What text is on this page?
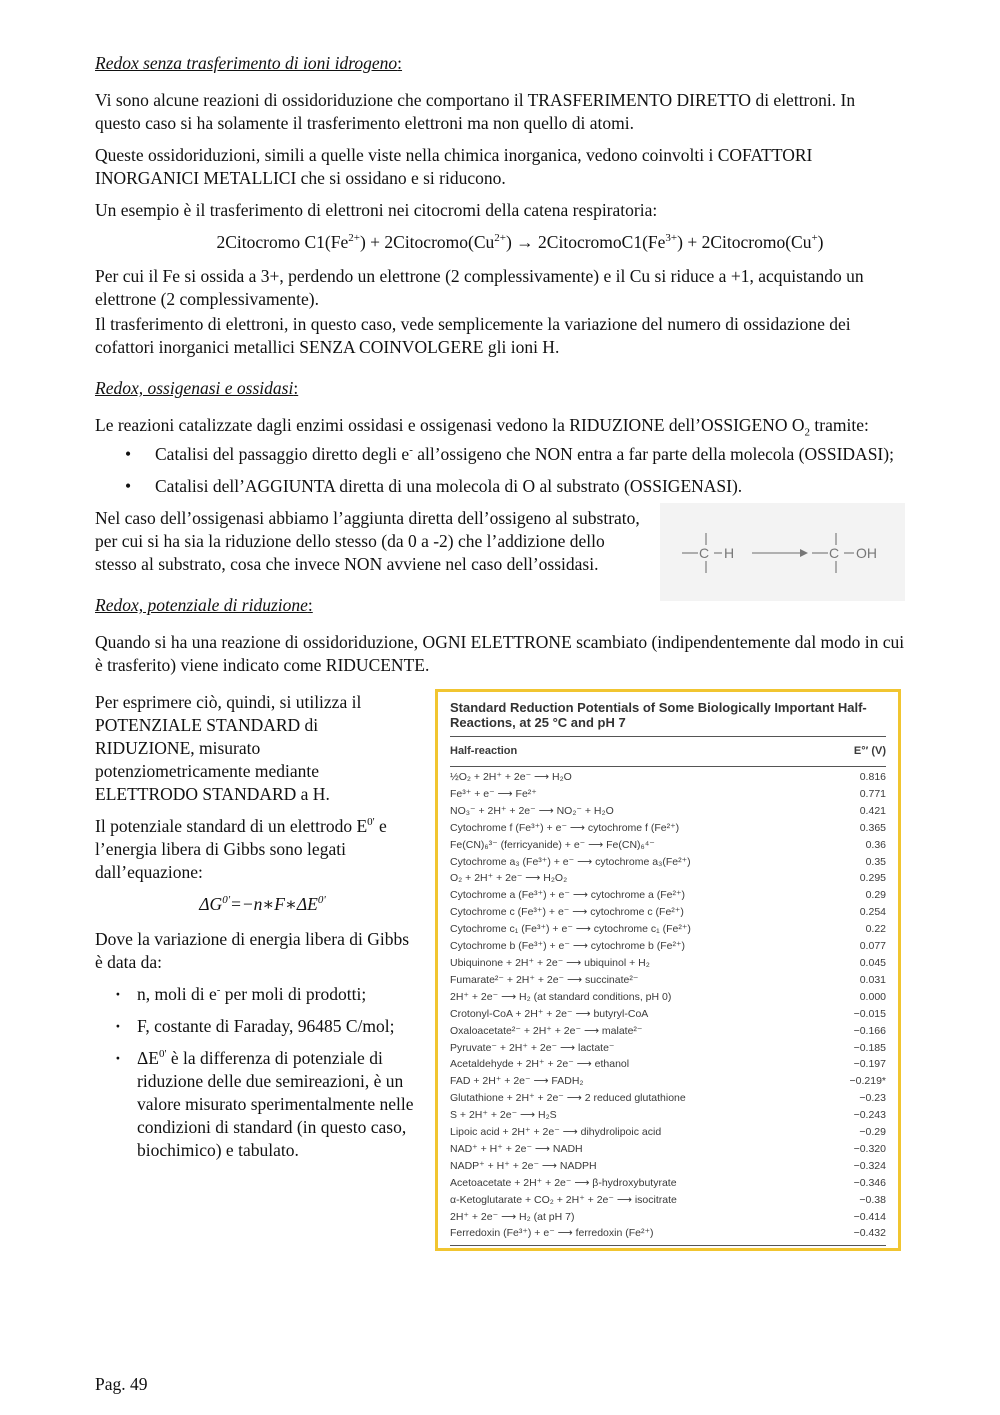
Redox senza trasferimento di ioni idrogeno:

Vi sono alcune reazioni di ossidoriduzione che comportano il TRASFERIMENTO DIRETTO di elettroni. In questo caso si ha solamente il trasferimento elettroni ma non quello di atomi.

Queste ossidoriduzioni, simili a quelle viste nella chimica inorganica, vedono coinvolti i COFATTORI INORGANICI METALLICI che si ossidano e si riducono.

Un esempio è il trasferimento di elettroni nei citocromi della catena respiratoria:

2Citocromo $C1(Fe^{2+})$ + $2Citocromo(Cu^{2+})$ → $2CitocromoC1(Fe^{3+})$ + 2Citocromo(Cu+)

Per cui il Fe si ossida a 3+, perdendo un elettrone (2 complessivamente) e il Cu si riduce a +1, acquistando un elettrone (2 complessivamente).

Il trasferimento di elettroni, in questo caso, vede semplicemente la variazione del numero di ossidazione dei cofattori inorganici metallici SENZA COINVOLGERE gli ioni H.

Redox, ossigenasi e ossidasi:

Le reazioni catalizzate dagli enzimi ossidasi e ossigenasi vedono la RIDUZIONE dell’OSSIGENO $O_2$ tramite:

• Catalisi del passaggio diretto degli e- all’ossigeno che NON entra a far parte della molecola (OSSIDASI);
• Catalisi dell’AGGIUNTA diretta di una molecola di O al substrato (OSSIGENASI).

Nel caso dell’ossigenasi abbiamo l’aggiunta diretta dell’ossigeno al substrato, per cui si ha sia la riduzione dello stesso (da 0 a -2) che l’addizione dello stesso al substrato, cosa che invece NON avviene nel caso dell’ossidasi.

C H	C OH

Redox, potenziale di riduzione:

Quando si ha una reazione di ossidoriduzione, OGNI ELETTRONE scambiato (indipendentemente dal modo in cui è trasferito) viene indicato come RIDUCENTE.

Per esprimere ciò, quindi, si utilizza il POTENZIALE STANDARD di RIDUZIONE, misurato potenziometricamente mediante ELETTRODO STANDARD a H.

Il potenziale standard di un elettrodo $E^{0'}$ e l’energia libera di Gibbs sono legati dall’equazione:

$\Delta G^{0'}=-n∗F∗\Delta E^{0'}$

Dove la variazione di energia libera di Gibbs è data da:

· n, moli di e- per moli di prodotti;
· F, costante di Faraday, 96485 C/mol;
· $\Delta E^{0'}$ è la differenza di potenziale di riduzione delle due semireazioni, è un valore misurato sperimentalmente nelle condizioni di standard (in questo caso, biochimico) e tabulato.
Standard Reduction Potentials of Some Biologically Important Half-Reactions, at 25 °C and pH 7
Half-reaction	E°′ (V)
½O₂ + 2H⁺ + 2e⁻ ⟶ H₂O	0.816
Fe³⁺ + e⁻ ⟶ Fe²⁺	0.771
NO₃⁻ + 2H⁺ + 2e⁻ ⟶ NO₂⁻ + H₂O	0.421
Cytochrome f (Fe³⁺) + e⁻ ⟶ cytochrome f (Fe²⁺)	0.365
Fe(CN)₆³⁻ (ferricyanide) + e⁻ ⟶ Fe(CN)₆⁴⁻	0.36
Cytochrome a₃ (Fe³⁺) + e⁻ ⟶ cytochrome a₃(Fe²⁺)	0.35
O₂ + 2H⁺ + 2e⁻ ⟶ H₂O₂	0.295
Cytochrome a (Fe³⁺) + e⁻ ⟶ cytochrome a (Fe²⁺)	0.29
Cytochrome c (Fe³⁺) + e⁻ ⟶ cytochrome c (Fe²⁺)	0.254
Cytochrome c₁ (Fe³⁺) + e⁻ ⟶ cytochrome c₁ (Fe²⁺)	0.22
Cytochrome b (Fe³⁺) + e⁻ ⟶ cytochrome b (Fe²⁺)	0.077
Ubiquinone + 2H⁺ + 2e⁻ ⟶ ubiquinol + H₂	0.045
Fumarate²⁻ + 2H⁺ + 2e⁻ ⟶ succinate²⁻	0.031
2H⁺ + 2e⁻ ⟶ H₂ (at standard conditions, pH 0)	0.000
Crotonyl-CoA + 2H⁺ + 2e⁻ ⟶ butyryl-CoA	−0.015
Oxaloacetate²⁻ + 2H⁺ + 2e⁻ ⟶ malate²⁻	−0.166
Pyruvate⁻ + 2H⁺ + 2e⁻ ⟶ lactate⁻	−0.185
Acetaldehyde + 2H⁺ + 2e⁻ ⟶ ethanol	−0.197
FAD + 2H⁺ + 2e⁻ ⟶ FADH₂	−0.219*
Glutathione + 2H⁺ + 2e⁻ ⟶ 2 reduced glutathione	−0.23
S + 2H⁺ + 2e⁻ ⟶ H₂S	−0.243
Lipoic acid + 2H⁺ + 2e⁻ ⟶ dihydrolipoic acid	−0.29
NAD⁺ + H⁺ + 2e⁻ ⟶ NADH	−0.320
NADP⁺ + H⁺ + 2e⁻ ⟶ NADPH	−0.324
Acetoacetate + 2H⁺ + 2e⁻ ⟶ β-hydroxybutyrate	−0.346
α-Ketoglutarate + CO₂ + 2H⁺ + 2e⁻ ⟶ isocitrate	−0.38
2H⁺ + 2e⁻ ⟶ H₂ (at pH 7)	−0.414
Ferredoxin (Fe³⁺) + e⁻ ⟶ ferredoxin (Fe²⁺)	−0.432
Pag. 49
